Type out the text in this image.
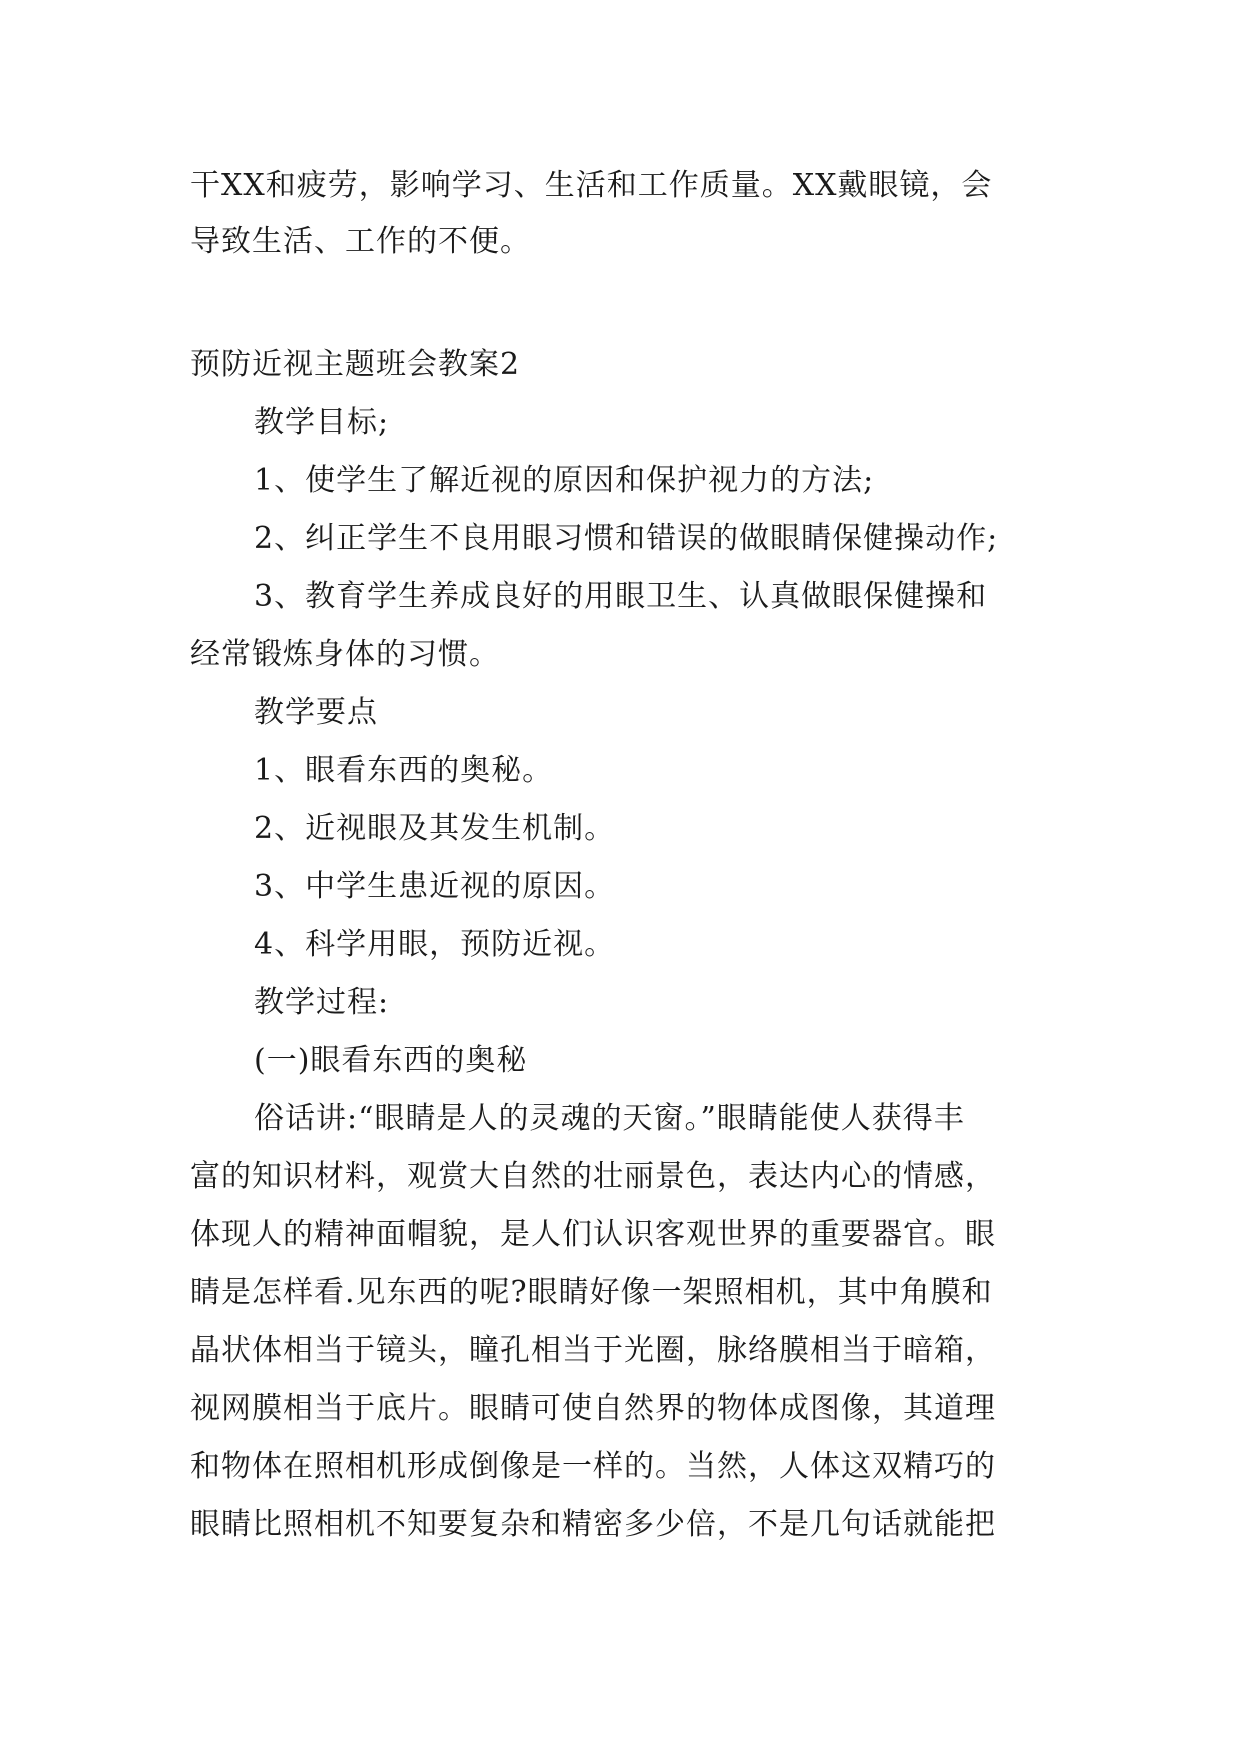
干XX和疲劳，影响学习、生活和工作质量。XX戴眼镜，会
导致生活、工作的不便。
预防近视主题班会教案2
教学目标;
1、使学生了解近视的原因和保护视力的方法;
2、纠正学生不良用眼习惯和错误的做眼睛保健操动作;
3、教育学生养成良好的用眼卫生、认真做眼保健操和
经常锻炼身体的习惯。
教学要点
1、眼看东西的奥秘。
2、近视眼及其发生机制。
3、中学生患近视的原因。
4、科学用眼，预防近视。
教学过程:
(一)眼看东西的奥秘
俗话讲:“眼睛是人的灵魂的天窗。”眼睛能使人获得丰
富的知识材料，观赏大自然的壮丽景色，表达内心的情感，
体现人的精神面帽貌，是人们认识客观世界的重要器官。眼
睛是怎样看.见东西的呢?眼睛好像一架照相机，其中角膜和
晶状体相当于镜头，瞳孔相当于光圈，脉络膜相当于暗箱，
视网膜相当于底片。眼睛可使自然界的物体成图像，其道理
和物体在照相机形成倒像是一样的。当然，人体这双精巧的
眼睛比照相机不知要复杂和精密多少倍，不是几句话就能把
